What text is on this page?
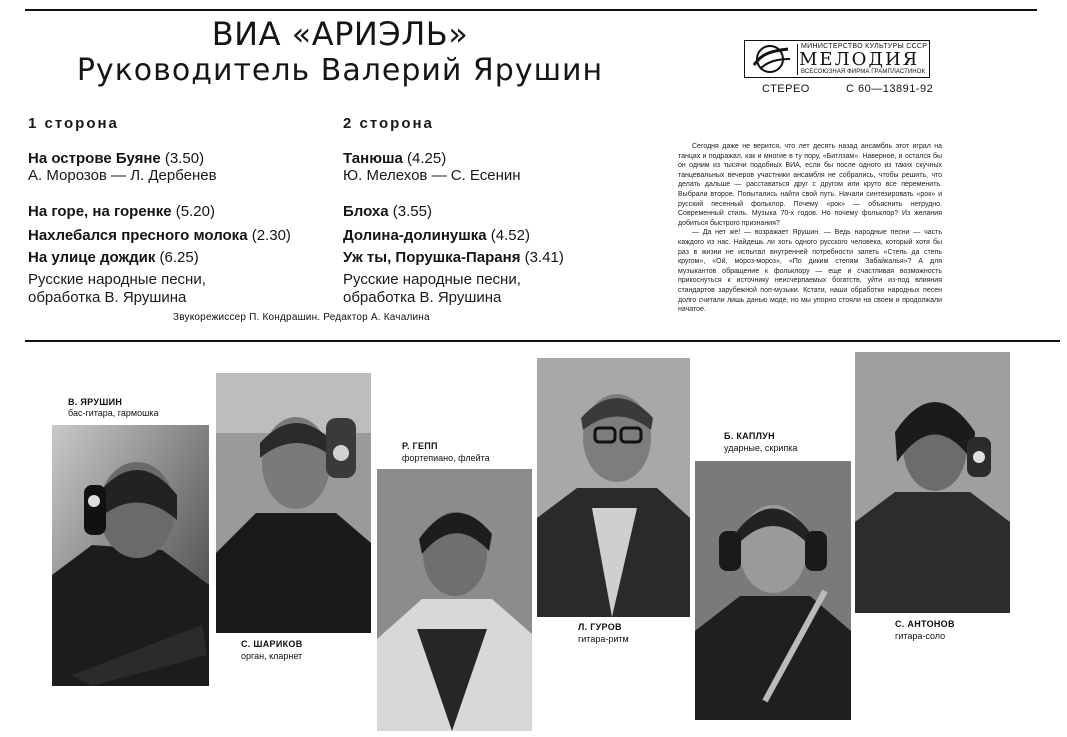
ВИА «АРИЭЛЬ»
Руководитель Валерий Ярушин
МИНИСТЕРСТВО КУЛЬТУРЫ СССР
МЕЛОДИЯ
ВСЕСОЮЗНАЯ ФИРМА ГРАМПЛАСТИНОК
СТЕРЕО	С 60—13891-92
1 сторона
На острове Буяне (3.50)
А. Морозов — Л. Дербенев
На горе, на горенке (5.20)
Нахлебался пресного молока (2.30)
На улице дождик (6.25)
Русские народные песни,
обработка В. Ярушина
2 сторона
Танюша (4.25)
Ю. Мелехов — С. Есенин
Блоха (3.55)
Долина-долинушка (4.52)
Уж ты, Порушка-Параня (3.41)
Русские народные песни,
обработка В. Ярушина
Звукорежиссер П. Кондрашин. Редактор А. Качалина

Сегодня даже не верится, что лет десять назад ансамбль этот играл на танцах и подражал, как и многие в ту пору, «Битлзам». Наверное, и остался бы он одним из тысячи подобных ВИА, если бы после одного из таких скучных танцевальных вечеров участники ансамбля не собрались, чтобы решить, что делать дальше — расставаться друг с другом или круто все переменить. Выбрали второе. Попытались найти свой путь. Начали синтезировать «рок» и русский песенный фольклор. Почему «рок» — объяснить нетрудно. Современный стиль. Музыка 70-х годов. Но почему фольклор? Из желания добиться быстрого признания?

— Да нет же! — возражает Ярушин. — Ведь народные песни — часть каждого из нас. Найдешь ли хоть одного русского человека, который хотя бы раз в жизни не испытал внутренней потребности запеть «Степь да степь кругом», «Ой, мороз-мороз», «По диким степям Забайкалья»? А для музыкантов обращение к фольклору — еще и счастливая возможность прикоснуться к источнику неисчерпаемых богатств, уйти из-под влияния стандартов зарубежной поп-музыки. Кстати, наши обработки народных песен долго считали лишь данью моде, но мы упорно стояли на своем и продолжали начатое.

В. ЯРУШИН
бас-гитара, гармошка
Р. ГЕПП
фортепиано, флейта
Б. КАПЛУН
ударные, скрипка
С. ШАРИКОВ
орган, кларнет
Л. ГУРОВ
гитара-ритм
С. АНТОНОВ
гитара-соло
